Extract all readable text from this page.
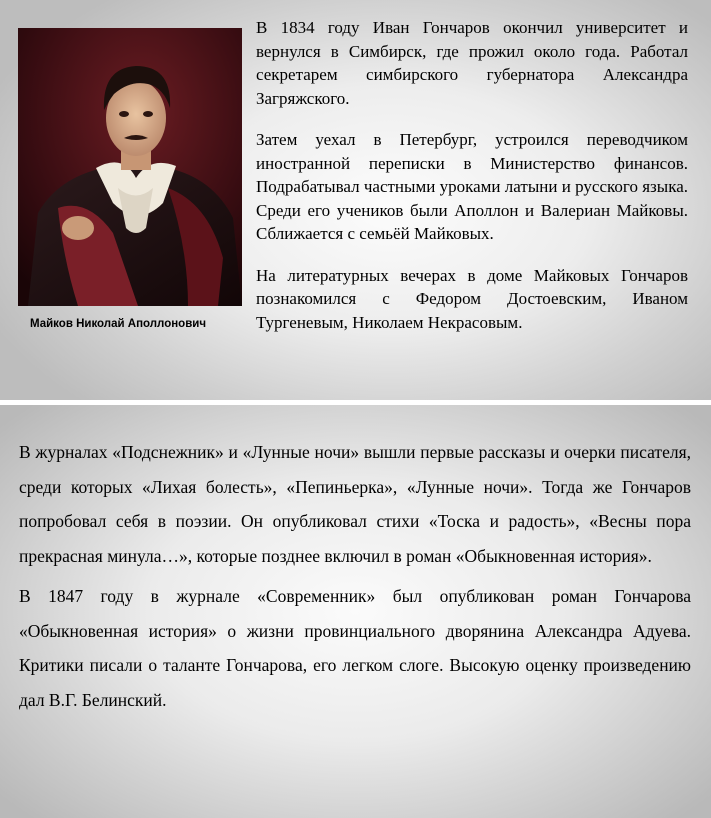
Майков Николай Аполлонович

В 1834 году Иван Гончаров окончил университет и вернулся в Симбирск, где прожил около года. Работал секретарем симбирского губернатора Александра Загряжского.

Затем уехал в Петербург, устроился переводчиком иностранной переписки в Министерство финансов. Подрабатывал частными уроками латыни и русского языка. Среди его учеников были Аполлон и Валериан Майковы. Сближается с семьёй Майковых.

На литературных вечерах в доме Майковых Гончаров познакомился с Федором Достоевским, Иваном Тургеневым, Николаем Некрасовым.

В журналах «Подснежник» и «Лунные ночи» вышли первые рассказы и очерки писателя, среди которых «Лихая болесть», «Пепиньерка», «Лунные ночи». Тогда же Гончаров попробовал себя в поэзии. Он опубликовал стихи «Тоска и радость», «Весны пора прекрасная минула…», которые позднее включил в роман «Обыкновенная история».

В 1847 году в журнале «Современник» был опубликован роман Гончарова «Обыкновенная история» о жизни провинциального дворянина Александра Адуева. Критики писали о таланте Гончарова, его легком слоге. Высокую оценку произведению дал В.Г. Белинский.
